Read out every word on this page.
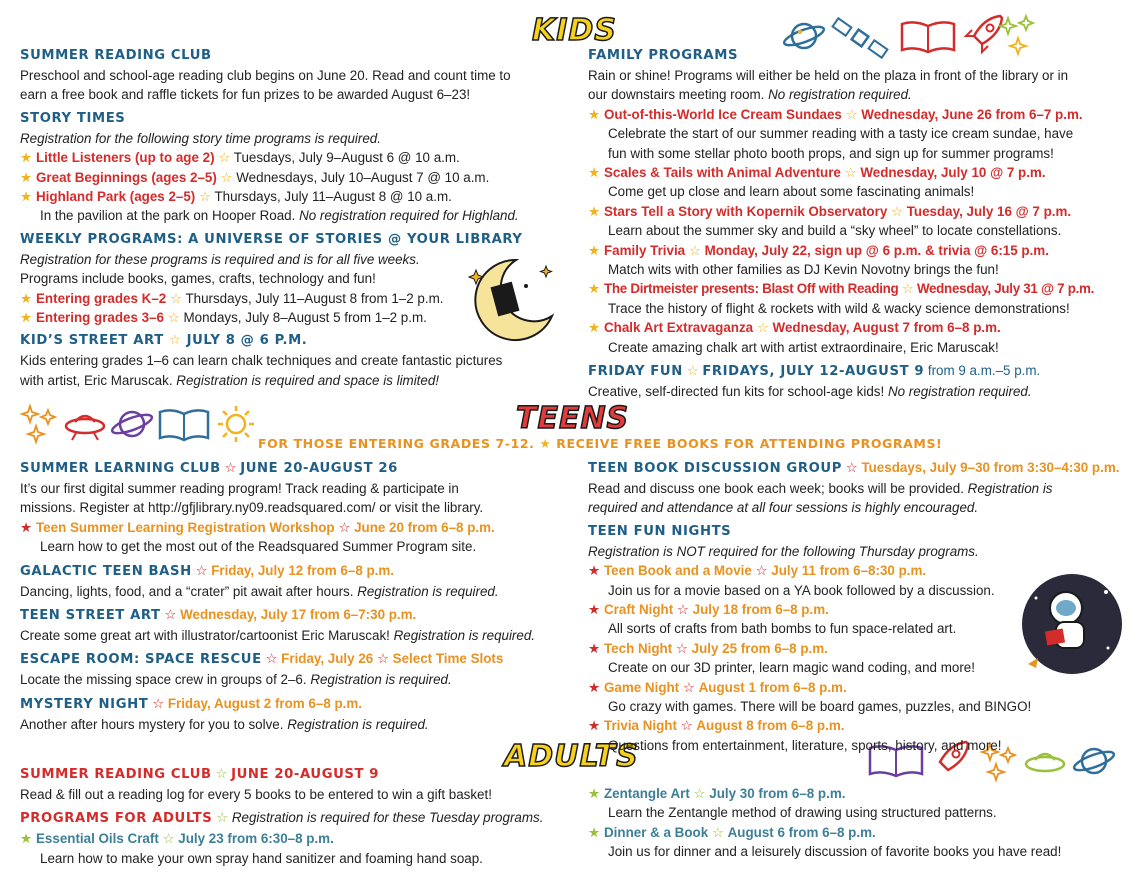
KIDS
TEENS
ADULTS
FOR THOSE ENTERING GRADES 7-12. ★ RECEIVE FREE BOOKS FOR ATTENDING PROGRAMS!
SUMMER READING CLUB
Preschool and school-age reading club begins on June 20. Read and count time to
earn a free book and raffle tickets for fun prizes to be awarded August 6–23!
STORY TIMES
Registration for the following story time programs is required.
★ Little Listeners (up to age 2) ☆ Tuesdays, July 9–August 6 @ 10 a.m.
★ Great Beginnings (ages 2–5) ☆ Wednesdays, July 10–August 7 @ 10 a.m.
★ Highland Park (ages 2–5) ☆ Thursdays, July 11–August 8 @ 10 a.m.
In the pavilion at the park on Hooper Road. No registration required for Highland.
WEEKLY PROGRAMS: A UNIVERSE OF STORIES @ YOUR LIBRARY
Registration for these programs is required and is for all five weeks.
Programs include books, games, crafts, technology and fun!
★ Entering grades K–2 ☆ Thursdays, July 11–August 8 from 1–2 p.m.
★ Entering grades 3–6 ☆ Mondays, July 8–August 5 from 1–2 p.m.
KID’S STREET ART ☆ JULY 8 @ 6 P.M.
Kids entering grades 1–6 can learn chalk techniques and create fantastic pictures
with artist, Eric Maruscak. Registration is required and space is limited!
FAMILY PROGRAMS
Rain or shine! Programs will either be held on the plaza in front of the library or in
our downstairs meeting room. No registration required.
★ Out-of-this-World Ice Cream Sundaes ☆ Wednesday, June 26 from 6–7 p.m.
Celebrate the start of our summer reading with a tasty ice cream sundae, have
fun with some stellar photo booth props, and sign up for summer programs!
★ Scales & Tails with Animal Adventure ☆ Wednesday, July 10 @ 7 p.m.
Come get up close and learn about some fascinating animals!
★ Stars Tell a Story with Kopernik Observatory ☆ Tuesday, July 16 @ 7 p.m.
Learn about the summer sky and build a “sky wheel” to locate constellations.
★ Family Trivia ☆ Monday, July 22, sign up @ 6 p.m. & trivia @ 6:15 p.m.
Match wits with other families as DJ Kevin Novotny brings the fun!
★ The Dirtmeister presents: Blast Off with Reading ☆ Wednesday, July 31 @ 7 p.m.
Trace the history of flight & rockets with wild & wacky science demonstrations!
★ Chalk Art Extravaganza ☆ Wednesday, August 7 from 6–8 p.m.
Create amazing chalk art with artist extraordinaire, Eric Maruscak!
FRIDAY FUN ☆ FRIDAYS, JULY 12-AUGUST 9 from 9 a.m.–5 p.m.
Creative, self-directed fun kits for school-age kids! No registration required.
SUMMER LEARNING CLUB ☆ JUNE 20-AUGUST 26
It’s our first digital summer reading program! Track reading & participate in
missions. Register at http://gfjlibrary.ny09.readsquared.com/ or visit the library.
★ Teen Summer Learning Registration Workshop ☆ June 20 from 6–8 p.m.
Learn how to get the most out of the Readsquared Summer Program site.
GALACTIC TEEN BASH ☆ Friday, July 12 from 6–8 p.m.
Dancing, lights, food, and a “crater” pit await after hours. Registration is required.
TEEN STREET ART ☆ Wednesday, July 17 from 6–7:30 p.m.
Create some great art with illustrator/cartoonist Eric Maruscak! Registration is required.
ESCAPE ROOM: SPACE RESCUE ☆ Friday, July 26 ☆ Select Time Slots
Locate the missing space crew in groups of 2–6. Registration is required.
MYSTERY NIGHT ☆ Friday, August 2 from 6–8 p.m.
Another after hours mystery for you to solve. Registration is required.
TEEN BOOK DISCUSSION GROUP ☆ Tuesdays, July 9–30 from 3:30–4:30 p.m.
Read and discuss one book each week; books will be provided. Registration is
required and attendance at all four sessions is highly encouraged.
TEEN FUN NIGHTS
Registration is NOT required for the following Thursday programs.
★ Teen Book and a Movie ☆ July 11 from 6–8:30 p.m.
Join us for a movie based on a YA book followed by a discussion.
★ Craft Night ☆ July 18 from 6–8 p.m.
All sorts of crafts from bath bombs to fun space-related art.
★ Tech Night ☆ July 25 from 6–8 p.m.
Create on our 3D printer, learn magic wand coding, and more!
★ Game Night ☆ August 1 from 6–8 p.m.
Go crazy with games. There will be board games, puzzles, and BINGO!
★ Trivia Night ☆ August 8 from 6–8 p.m.
Questions from entertainment, literature, sports, history, and more!
SUMMER READING CLUB ☆ JUNE 20-AUGUST 9
Read & fill out a reading log for every 5 books to be entered to win a gift basket!
PROGRAMS FOR ADULTS ☆ Registration is required for these Tuesday programs.
★ Essential Oils Craft ☆ July 23 from 6:30–8 p.m.
Learn how to make your own spray hand sanitizer and foaming hand soap.
★ Zentangle Art ☆ July 30 from 6–8 p.m.
Learn the Zentangle method of drawing using structured patterns.
★ Dinner & a Book ☆ August 6 from 6–8 p.m.
Join us for dinner and a leisurely discussion of favorite books you have read!
